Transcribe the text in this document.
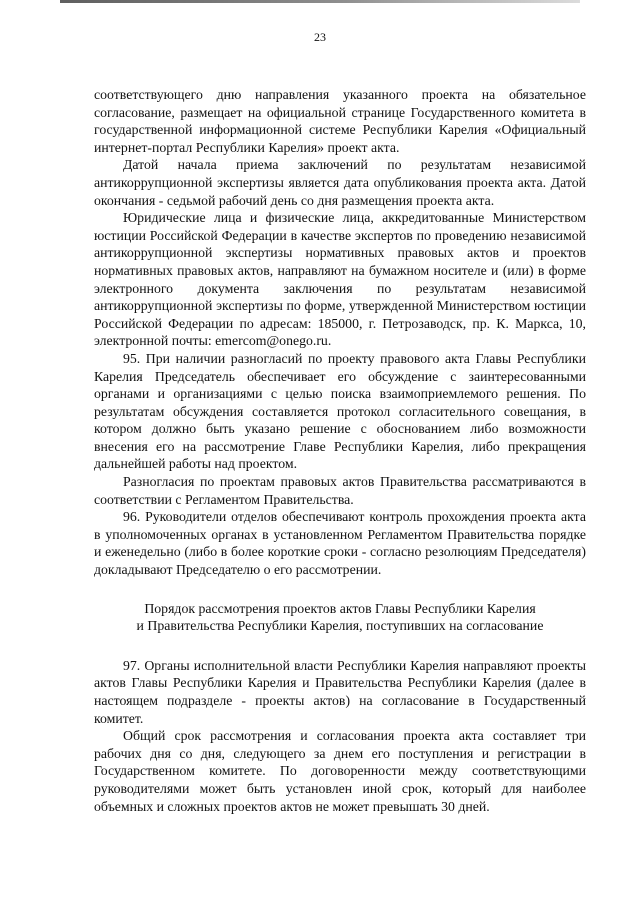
23

соответствующего дню направления указанного проекта на обязательное согласование, размещает на официальной странице Государственного комитета в государственной информационной системе Республики Карелия «Официальный интернет-портал Республики Карелия» проект акта.

Датой начала приема заключений по результатам независимой антикоррупционной экспертизы является дата опубликования проекта акта. Датой окончания - седьмой рабочий день со дня размещения проекта акта.

Юридические лица и физические лица, аккредитованные Министерством юстиции Российской Федерации в качестве экспертов по проведению независимой антикоррупционной экспертизы нормативных правовых актов и проектов нормативных правовых актов, направляют на бумажном носителе и (или) в форме электронного документа заключения по результатам независимой антикоррупционной экспертизы по форме, утвержденной Министерством юстиции Российской Федерации по адресам: 185000, г. Петрозаводск, пр. К. Маркса, 10, электронной почты: emercom@onego.ru.

95. При наличии разногласий по проекту правового акта Главы Республики Карелия Председатель обеспечивает его обсуждение с заинтересованными органами и организациями с целью поиска взаимоприемлемого решения. По результатам обсуждения составляется протокол согласительного совещания, в котором должно быть указано решение с обоснованием либо возможности внесения его на рассмотрение Главе Республики Карелия, либо прекращения дальнейшей работы над проектом.

Разногласия по проектам правовых актов Правительства рассматриваются в соответствии с Регламентом Правительства.

96. Руководители отделов обеспечивают контроль прохождения проекта акта в уполномоченных органах в установленном Регламентом Правительства порядке и еженедельно (либо в более короткие сроки - согласно резолюциям Председателя) докладывают Председателю о его рассмотрении.

Порядок рассмотрения проектов актов Главы Республики Карелия
и Правительства Республики Карелия, поступивших на согласование

97. Органы исполнительной власти Республики Карелия направляют проекты актов Главы Республики Карелия и Правительства Республики Карелия (далее в настоящем подразделе - проекты актов) на согласование в Государственный комитет.

Общий срок рассмотрения и согласования проекта акта составляет три рабочих дня со дня, следующего за днем его поступления и регистрации в Государственном комитете. По договоренности между соответствующими руководителями может быть установлен иной срок, который для наиболее объемных и сложных проектов актов не может превышать 30 дней.
